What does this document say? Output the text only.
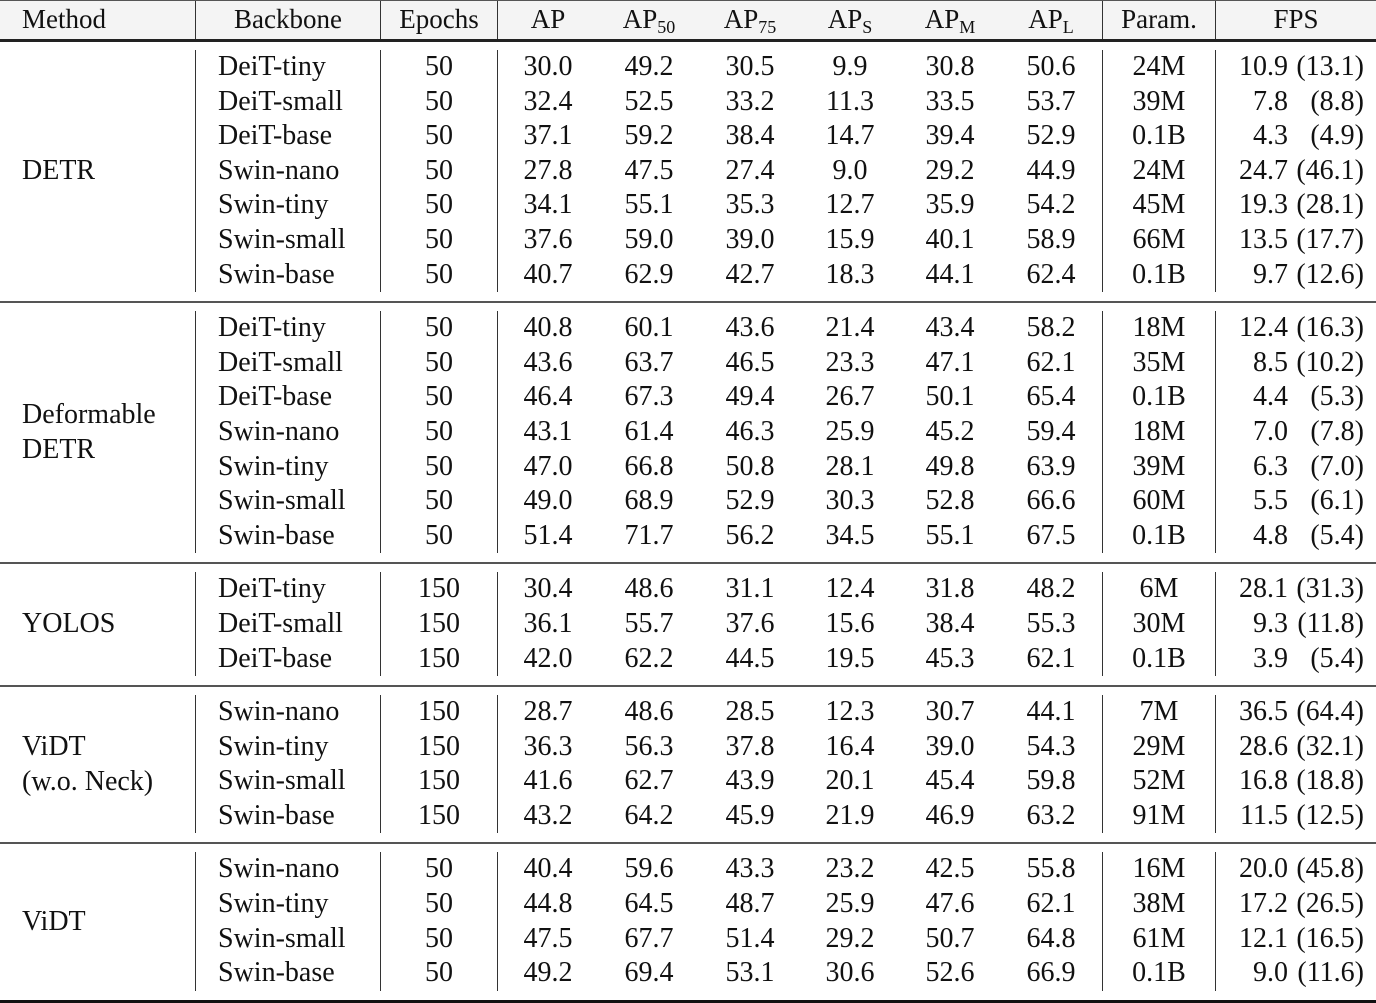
Method	Backbone	Epochs	AP	$AP_{50}$	$AP_{75}$	$AP_S$	$AP_M$	$AP_L$	Param.	FPS
DETR
DeiT-tiny	50	30.0	49.2	30.5	9.9	30.8	50.6	24M	10.9 (13.1)
DeiT-small	50	32.4	52.5	33.2	11.3	33.5	53.7	39M	7.8 (8.8)
DeiT-base	50	37.1	59.2	38.4	14.7	39.4	52.9	0.1B	4.3 (4.9)
Swin-nano	50	27.8	47.5	27.4	9.0	29.2	44.9	24M	24.7 (46.1)
Swin-tiny	50	34.1	55.1	35.3	12.7	35.9	54.2	45M	19.3 (28.1)
Swin-small	50	37.6	59.0	39.0	15.9	40.1	58.9	66M	13.5 (17.7)
Swin-base	50	40.7	62.9	42.7	18.3	44.1	62.4	0.1B	9.7 (12.6)
Deformable
DETR
DeiT-tiny	50	40.8	60.1	43.6	21.4	43.4	58.2	18M	12.4 (16.3)
DeiT-small	50	43.6	63.7	46.5	23.3	47.1	62.1	35M	8.5 (10.2)
DeiT-base	50	46.4	67.3	49.4	26.7	50.1	65.4	0.1B	4.4 (5.3)
Swin-nano	50	43.1	61.4	46.3	25.9	45.2	59.4	18M	7.0 (7.8)
Swin-tiny	50	47.0	66.8	50.8	28.1	49.8	63.9	39M	6.3 (7.0)
Swin-small	50	49.0	68.9	52.9	30.3	52.8	66.6	60M	5.5 (6.1)
Swin-base	50	51.4	71.7	56.2	34.5	55.1	67.5	0.1B	4.8 (5.4)
YOLOS
DeiT-tiny	150	30.4	48.6	31.1	12.4	31.8	48.2	6M	28.1 (31.3)
DeiT-small	150	36.1	55.7	37.6	15.6	38.4	55.3	30M	9.3 (11.8)
DeiT-base	150	42.0	62.2	44.5	19.5	45.3	62.1	0.1B	3.9 (5.4)
ViDT
(w.o. Neck)
Swin-nano	150	28.7	48.6	28.5	12.3	30.7	44.1	7M	36.5 (64.4)
Swin-tiny	150	36.3	56.3	37.8	16.4	39.0	54.3	29M	28.6 (32.1)
Swin-small	150	41.6	62.7	43.9	20.1	45.4	59.8	52M	16.8 (18.8)
Swin-base	150	43.2	64.2	45.9	21.9	46.9	63.2	91M	11.5 (12.5)
ViDT
Swin-nano	50	40.4	59.6	43.3	23.2	42.5	55.8	16M	20.0 (45.8)
Swin-tiny	50	44.8	64.5	48.7	25.9	47.6	62.1	38M	17.2 (26.5)
Swin-small	50	47.5	67.7	51.4	29.2	50.7	64.8	61M	12.1 (16.5)
Swin-base	50	49.2	69.4	53.1	30.6	52.6	66.9	0.1B	9.0 (11.6)
